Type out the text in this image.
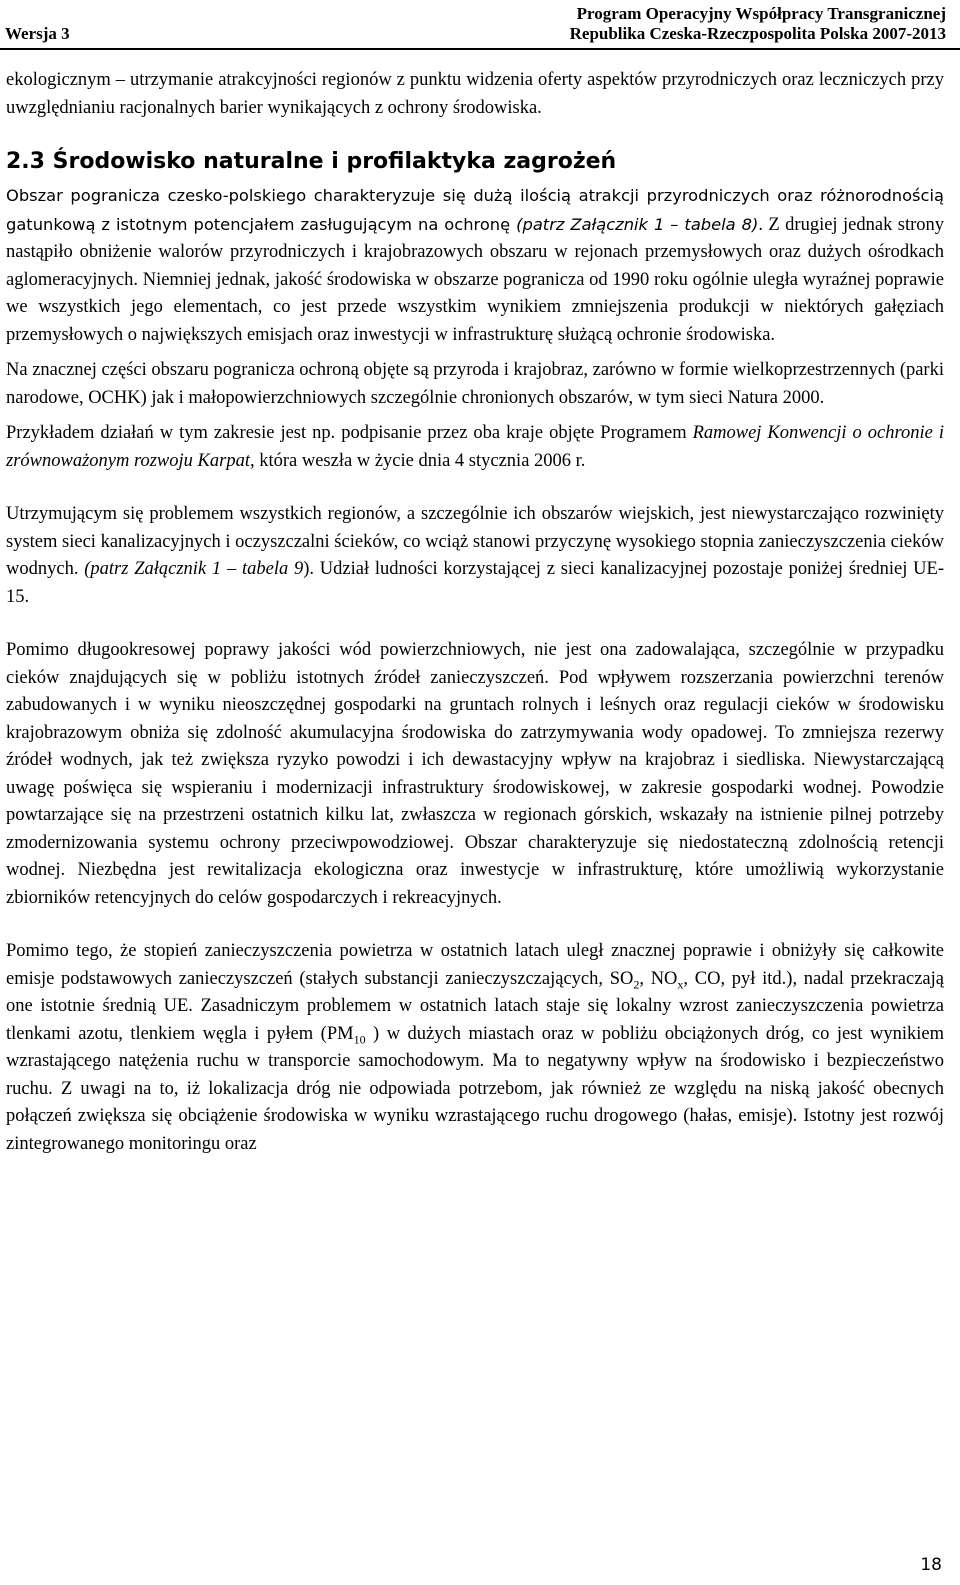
Wersja 3
Program Operacyjny Współpracy Transgranicznej
Republika Czeska-Rzeczpospolita Polska 2007-2013

ekologicznym – utrzymanie atrakcyjności regionów z punktu widzenia oferty aspektów przyrodniczych oraz leczniczych przy uwzględnianiu racjonalnych barier wynikających z ochrony środowiska.

2.3 Środowisko naturalne i profilaktyka zagrożeń

Obszar pogranicza czesko-polskiego charakteryzuje się dużą ilością atrakcji przyrodniczych oraz różnorodnością gatunkową z istotnym potencjałem zasługującym na ochronę (patrz Załącznik 1 – tabela 8). Z drugiej jednak strony nastąpiło obniżenie walorów przyrodniczych i krajobrazowych obszaru w rejonach przemysłowych oraz dużych ośrodkach aglomeracyjnych. Niemniej jednak, jakość środowiska w obszarze pogranicza od 1990 roku ogólnie uległa wyraźnej poprawie we wszystkich jego elementach, co jest przede wszystkim wynikiem zmniejszenia produkcji w niektórych gałęziach przemysłowych o największych emisjach oraz inwestycji w infrastrukturę służącą ochronie środowiska.

Na znacznej części obszaru pogranicza ochroną objęte są przyroda i krajobraz, zarówno w formie wielkoprzestrzennych (parki narodowe, OCHK) jak i małopowierzchniowych szczególnie chronionych obszarów, w tym sieci Natura 2000.

Przykładem działań w tym zakresie jest np. podpisanie przez oba kraje objęte Programem Ramowej Konwencji o ochronie i zrównoważonym rozwoju Karpat, która weszła w życie dnia 4 stycznia 2006 r.

Utrzymującym się problemem wszystkich regionów, a szczególnie ich obszarów wiejskich, jest niewystarczająco rozwinięty system sieci kanalizacyjnych i oczyszczalni ścieków, co wciąż stanowi przyczynę wysokiego stopnia zanieczyszczenia cieków wodnych. (patrz Załącznik 1 – tabela 9). Udział ludności korzystającej z sieci kanalizacyjnej pozostaje poniżej średniej UE-15.

Pomimo długookresowej poprawy jakości wód powierzchniowych, nie jest ona zadowalająca, szczególnie w przypadku cieków znajdujących się w pobliżu istotnych źródeł zanieczyszczeń. Pod wpływem rozszerzania powierzchni terenów zabudowanych i w wyniku nieoszczędnej gospodarki na gruntach rolnych i leśnych oraz regulacji cieków w środowisku krajobrazowym obniża się zdolność akumulacyjna środowiska do zatrzymywania wody opadowej. To zmniejsza rezerwy źródeł wodnych, jak też zwiększa ryzyko powodzi i ich dewastacyjny wpływ na krajobraz i siedliska. Niewystarczającą uwagę poświęca się wspieraniu i modernizacji infrastruktury środowiskowej, w zakresie gospodarki wodnej. Powodzie powtarzające się na przestrzeni ostatnich kilku lat, zwłaszcza w regionach górskich, wskazały na istnienie pilnej potrzeby zmodernizowania systemu ochrony przeciwpowodziowej. Obszar charakteryzuje się niedostateczną zdolnością retencji wodnej. Niezbędna jest rewitalizacja ekologiczna oraz inwestycje w infrastrukturę, które umożliwią wykorzystanie zbiorników retencyjnych do celów gospodarczych i rekreacyjnych.

Pomimo tego, że stopień zanieczyszczenia powietrza w ostatnich latach uległ znacznej poprawie i obniżyły się całkowite emisje podstawowych zanieczyszczeń (stałych substancji zanieczyszczających, $SO_2$, $NO_x$, CO, pył itd.), nadal przekraczają one istotnie średnią UE. Zasadniczym problemem w ostatnich latach staje się lokalny wzrost zanieczyszczenia powietrza tlenkami azotu, tlenkiem węgla i pyłem ($PM_{10}$ ) w dużych miastach oraz w pobliżu obciążonych dróg, co jest wynikiem wzrastającego natężenia ruchu w transporcie samochodowym. Ma to negatywny wpływ na środowisko i bezpieczeństwo ruchu. Z uwagi na to, iż lokalizacja dróg nie odpowiada potrzebom, jak również ze względu na niską jakość obecnych połączeń zwiększa się obciążenie środowiska w wyniku wzrastającego ruchu drogowego (hałas, emisje). Istotny jest rozwój zintegrowanego monitoringu oraz

18
